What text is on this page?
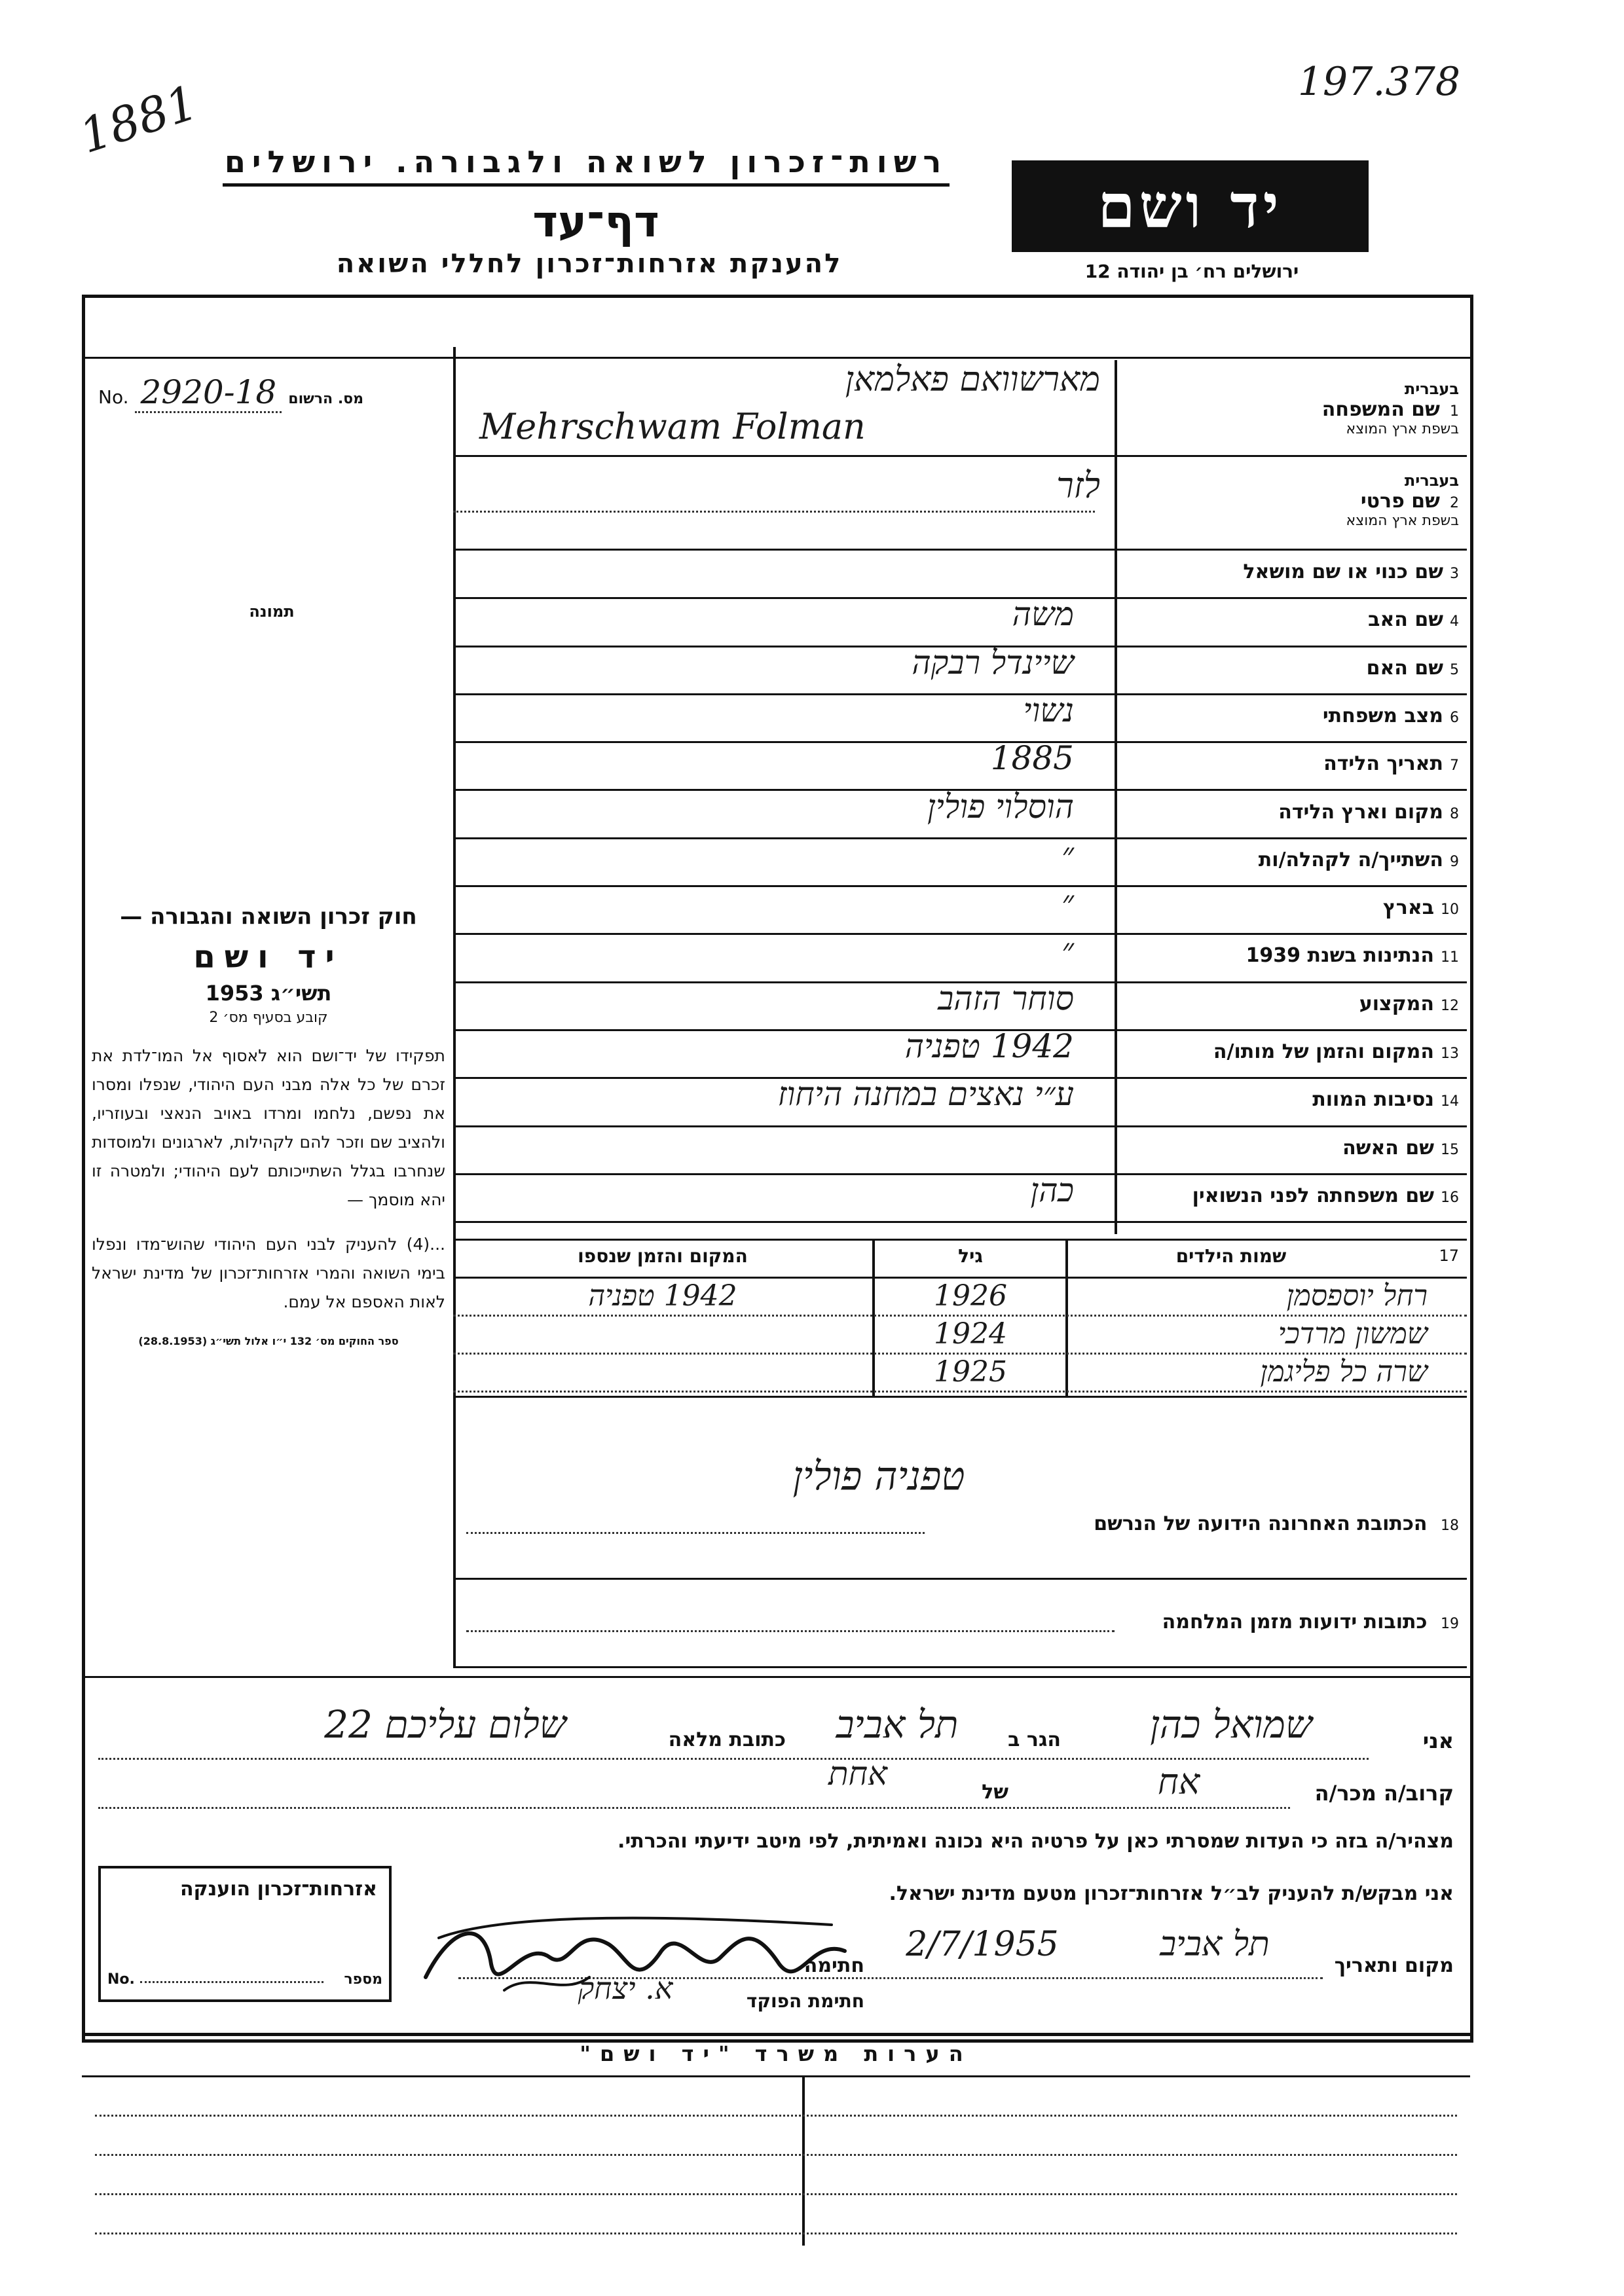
197.378
1881 רשות־זכרון לשואה ולגבורה. ירושלים
דף־עד
להענקת אזרחות־זכרון לחללי השואה
יד ושם
ירושלים רח׳ בן יהודה 12
No. 2920-18 מס. הרשום
תמונה
חוק זכרון השואה והגבורה —
יד ושם
תשי״ג 1953
קובע בסעיף מס׳ 2
תפקידו של יד־ושם הוא לאסוף אל המו־לדת את זכרם של כל אלה מבני העם היהודי, שנפלו ומסרו את נפשם, נלחמו ומרדו באויב הנאצי ובעוזריו, ולהציב שם וזכר להם לקהילות, לארגונים ולמוסדות שנחרבו בגלל השתייכותם לעם היהודי; ולמטרה זו יהא מוסמך —
...(4) להעניק לבני העם היהודי שהוש־מדו ונפלו בימי השואה והמרי אזרחות־זכרון של מדינת ישראל לאות האספם אל עמם.
ספר החוקים מס׳ 132 י״ו אלול תשי״ג (28.8.1953)
בעברית
1 שם המשפחה
בשפת ארץ המוצא
מארשוואם פאלמאן
Mehrschwam Folman
בעברית
2 שם פרטי
בשפת ארץ המוצא
לזר
3שם כנוי או שם מושאל
4שם האב
משה
5שם האם
שיינדל רבקה
6מצב משפחתי
נשוי
7תאריך הלידה
1885
8מקום וארץ הלידה
הוסלוי פולין
9השתייך/ה לקהלה/ות
״
10בארץ
״
11הנתינות בשנת 1939
״
12המקצוע
סוחר הזהב
13המקום והזמן של מותו/ה
1942 טפניה
14נסיבות המוות
ע״י נאצים במחנה היחוז
15שם האשה
16שם משפחתה לפני הנשואין
כהן
17
שמות הילדים
גיל
המקום והזמן שנספו
רחל יוספסמן
1926
1942 טפניה
שמשון מרדכי
1924
שרה כל פליגמן
1925
טפניה פולין
18 הכתובת האחרונה הידועה של הנרשם
19 כתובות ידועות מזמן המלחמה
אני
שמואל כהן
הגר ב
תל אביב
כתובת מלאה
שלום עליכם 22
קרוב/ה מכר/ה
אח
של
אחת
מצהיר/ה בזה כי העדות שמסרתי כאן על פרטיה היא נכונה ואמיתית, לפי מיטב ידיעתי והכרתי.
אני מבקש/ת להעניק לב״ל אזרחות־זכרון מטעם מדינת ישראל.
מקום ותאריך
תל אביב
2/7/1955
חתימה
חתימת הפוקד
א. יצחק
אזרחות־זכרון הוענקה
No.	מספר
הערות משרד "יד ושם"
